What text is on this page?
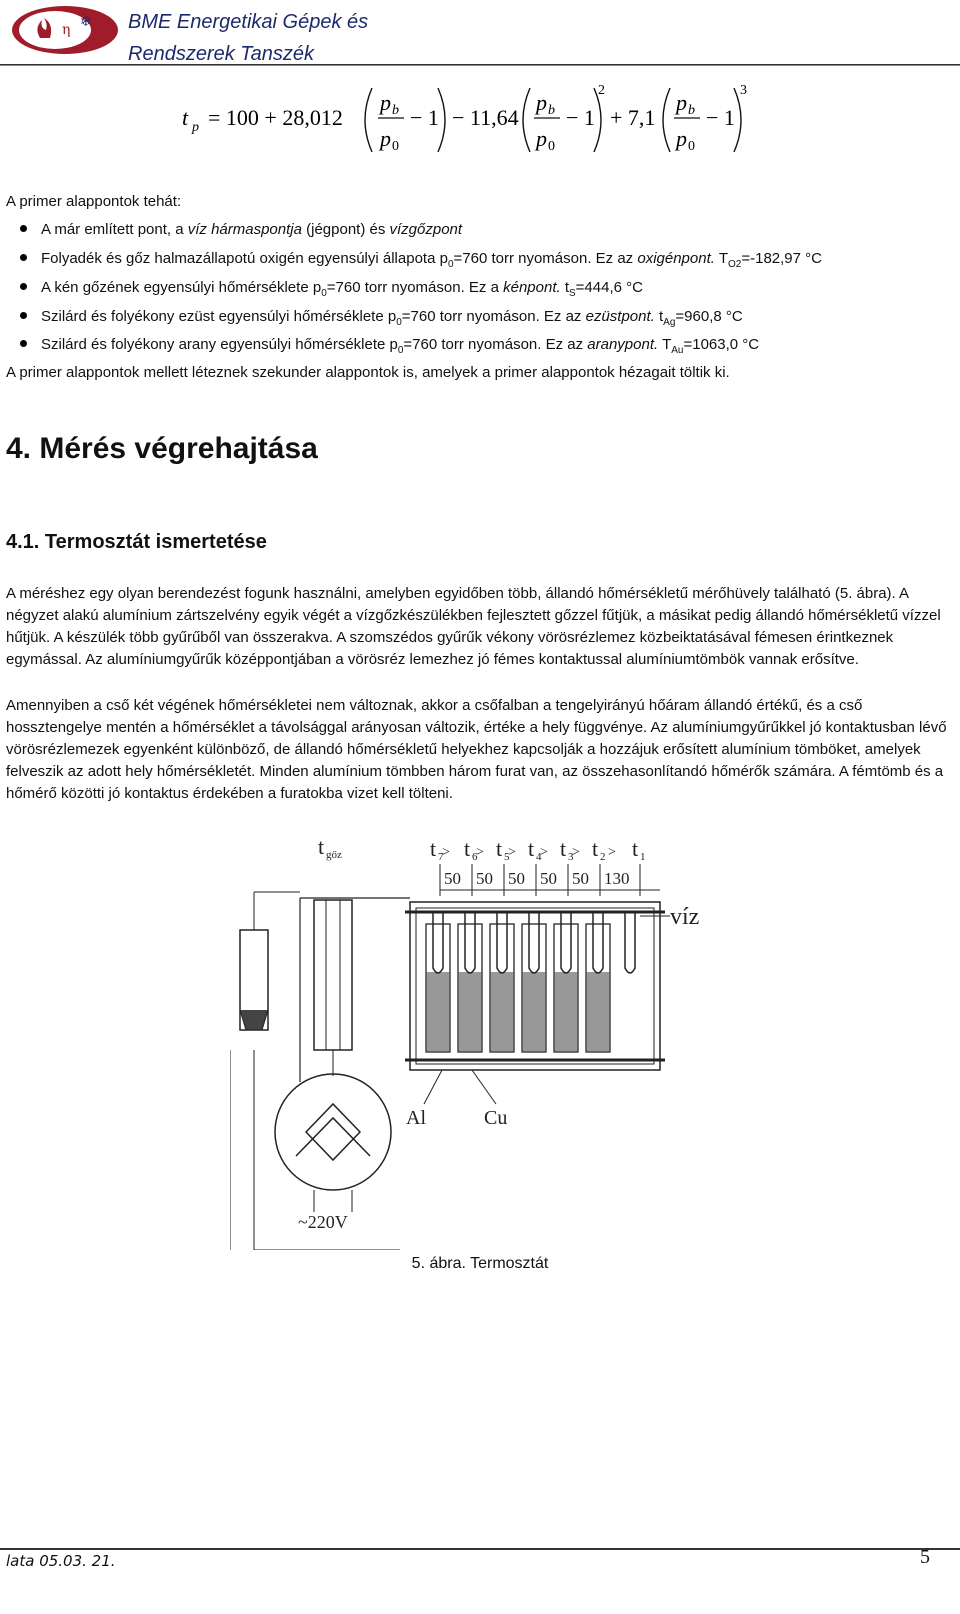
η ❄ BME Energetikai Gépek és
Rendszerek Tanszék
t p = 100 + 28,012
p b
p 0
− 1 − 11,64
p b
p 0
− 1
2
+ 7,1
p b
p 0
− 1
3
A primer alappontok tehát:
A már említett pont, a víz hármaspontja (jégpont) és vízgőzpont
Folyadék és gőz halmazállapotú oxigén egyensúlyi állapota $p_0=760$ torr nyomáson. Ez az oxigénpont. $T_{O2}=-182,97$ °C
A kén gőzének egyensúlyi hőmérséklete $p_0=760$ torr nyomáson. Ez a kénpont. $t_S=444,6$ °C
Szilárd és folyékony ezüst egyensúlyi hőmérséklete $p_0=760$ torr nyomáson. Ez az ezüstpont. $t_{Ag}=960,8$ °C
Szilárd és folyékony arany egyensúlyi hőmérséklete $p_0=760$ torr nyomáson. Ez az aranypont. $T_{Au}=1063,0$ °C
A primer alappontok mellett léteznek szekunder alappontok is, amelyek a primer alappontok hézagait töltik ki.
4. Mérés végrehajtása
4.1. Termosztát ismertetése
A méréshez egy olyan berendezést fogunk használni, amelyben egyidőben több, állandó hőmérsékletű mérőhüvely található (5. ábra). A négyzet alakú alumínium zártszelvény egyik végét a vízgőzkészülékben fejlesztett gőzzel fűtjük, a másikat pedig állandó hőmérsékletű vízzel hűtjük. A készülék több gyűrűből van összerakva. A szomszédos gyűrűk vékony vörösrézlemez közbeiktatásával fémesen érintkeznek egymással. Az alumíniumgyűrűk középpontjában a vörösréz lemezhez jó fémes kontaktussal alumíniumtömbök vannak erősítve.
Amennyiben a cső két végének hőmérsékletei nem változnak, akkor a csőfalban a tengelyirányú hőáram állandó értékű, és a cső hossztengelye mentén a hőmérséklet a távolsággal arányosan változik, értéke a hely függvénye. Az alumíniumgyűrűkkel jó kontaktusban lévő vörösrézlemezek egyenként különböző, de állandó hőmérsékletű helyekhez kapcsolják a hozzájuk erősített alumínium tömböket, amelyek felveszik az adott hely hőmérsékletét. Minden alumínium tömbben három furat van, az összehasonlítandó hőmérők számára. A fémtömb és a hőmérő közötti jó kontaktus érdekében a furatokba vizet kell tölteni.
t gőz	t 7 t 6 t 5 t 4 t 3 t 2 t 1
> > > > > >
50 50 50 50 50 130
víz
~220V
Al	Cu
5. ábra. Termosztát
lata 05.03. 21.	5
